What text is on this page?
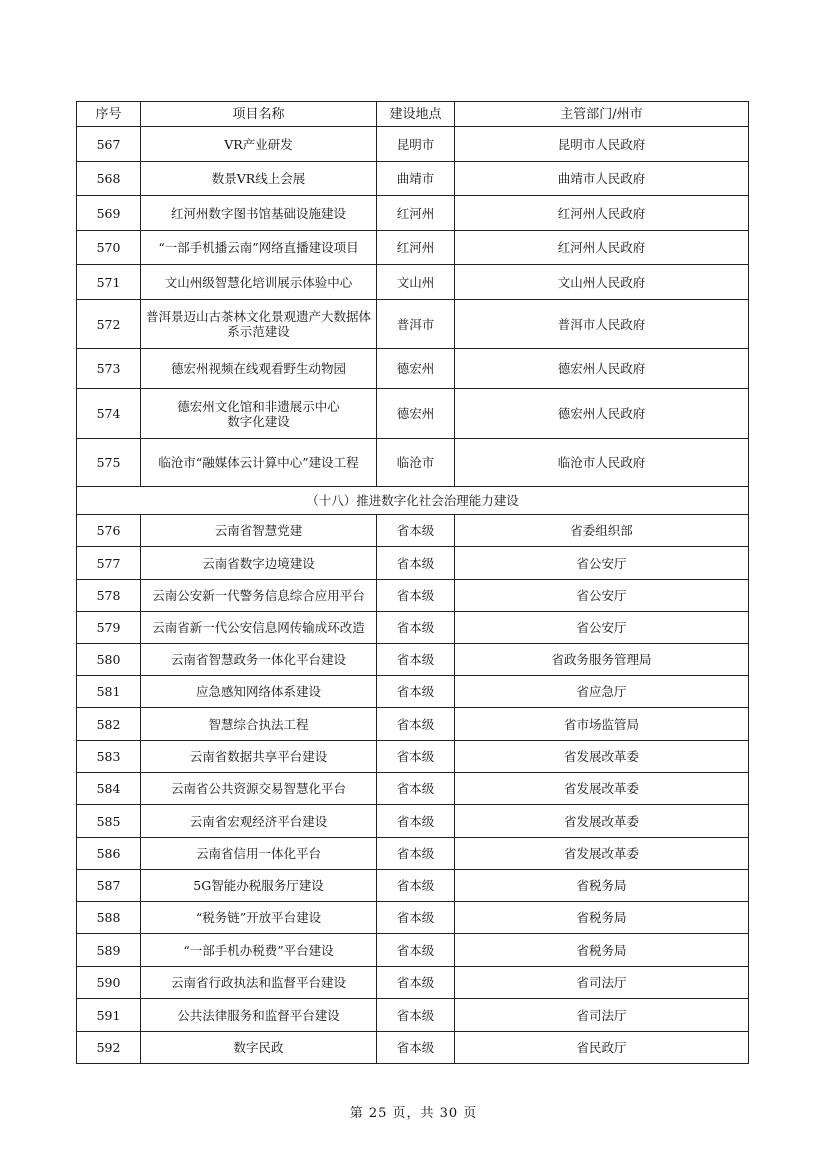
序号	项目名称	建设地点	主管部门/州市
567	VR产业研发	昆明市	昆明市人民政府
568	数景VR线上会展	曲靖市	曲靖市人民政府
569	红河州数字图书馆基础设施建设	红河州	红河州人民政府
570	“一部手机播云南”网络直播建设项目	红河州	红河州人民政府
571	文山州级智慧化培训展示体验中心	文山州	文山州人民政府
572	普洱景迈山古茶林文化景观遗产大数据体
系示范建设	普洱市	普洱市人民政府
573	德宏州视频在线观看野生动物园	德宏州	德宏州人民政府
574	德宏州文化馆和非遗展示中心
数字化建设	德宏州	德宏州人民政府
575	临沧市“融媒体云计算中心”建设工程	临沧市	临沧市人民政府
（十八）推进数字化社会治理能力建设			
576	云南省智慧党建	省本级	省委组织部
577	云南省数字边境建设	省本级	省公安厅
578	云南公安新一代警务信息综合应用平台	省本级	省公安厅
579	云南省新一代公安信息网传输成环改造	省本级	省公安厅
580	云南省智慧政务一体化平台建设	省本级	省政务服务管理局
581	应急感知网络体系建设	省本级	省应急厅
582	智慧综合执法工程	省本级	省市场监管局
583	云南省数据共享平台建设	省本级	省发展改革委
584	云南省公共资源交易智慧化平台	省本级	省发展改革委
585	云南省宏观经济平台建设	省本级	省发展改革委
586	云南省信用一体化平台	省本级	省发展改革委
587	5G智能办税服务厅建设	省本级	省税务局
588	“税务链”开放平台建设	省本级	省税务局
589	“一部手机办税费”平台建设	省本级	省税务局
590	云南省行政执法和监督平台建设	省本级	省司法厅
591	公共法律服务和监督平台建设	省本级	省司法厅
592	数字民政	省本级	省民政厅
第 25 页，共 30 页
